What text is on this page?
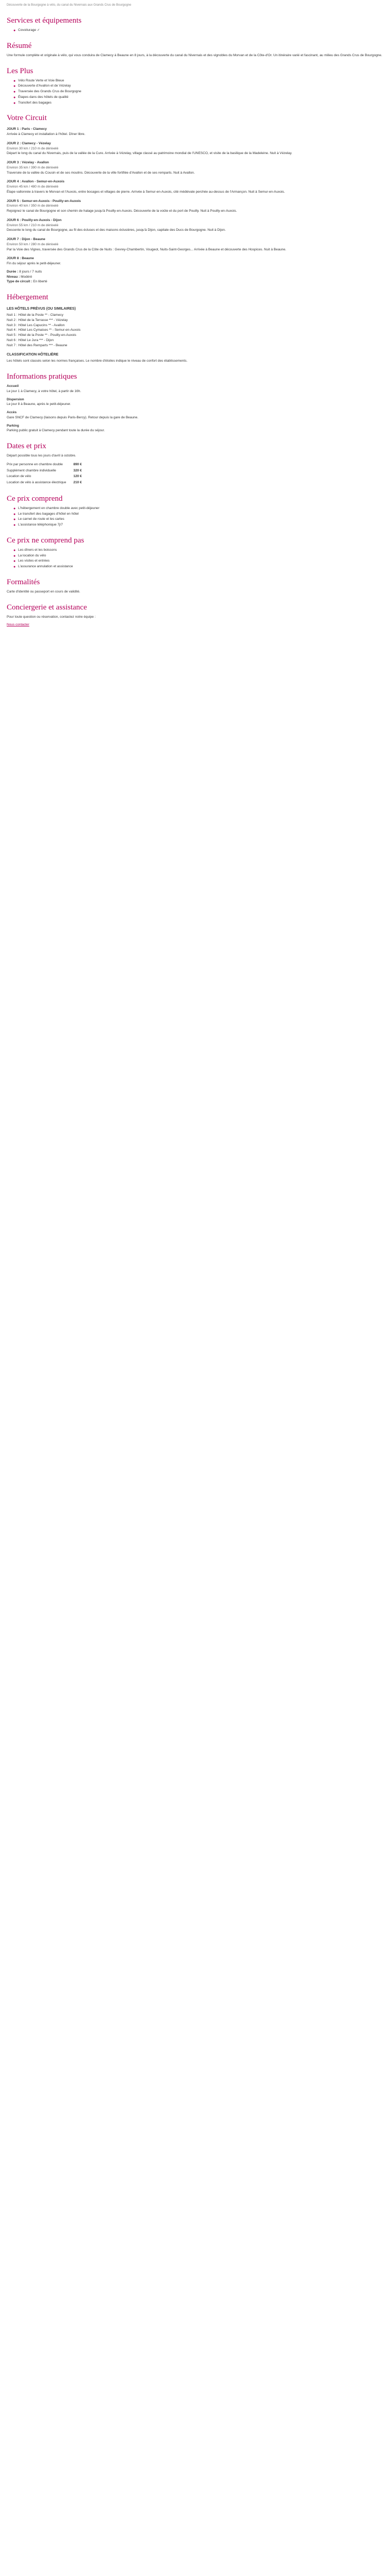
Découverte de la Bourgogne à vélo, du canal du Nivernais aux Grands Crus de Bourgogne
Services et équipements
● Covoiturage ✓
Résumé

Une formule complète et originale à vélo, qui vous conduira de Clamecy à Beaune en 8 jours, à la découverte du canal du Nivernais et des vignobles du Morvan et de la Côte-d'Or. Un itinéraire varié et fascinant, au milieu des Grands Crus de Bourgogne.

Les Plus
● Vélo Route Verte et Voie Bleue
● Découverte d'Avallon et de Vézelay
● Traversée des Grands Crus de Bourgogne
● Étapes dans des hôtels de qualité
● Transfert des bagages
Votre Circuit
JOUR 1 : Paris - Clamecy

Arrivée à Clamecy et installation à l'hôtel. Dîner libre.

JOUR 2 : Clamecy - Vézelay
Environ 30 km / 210 m de dénivelé

Départ le long du canal du Nivernais, puis de la vallée de la Cure. Arrivée à Vézelay, village classé au patrimoine mondial de l'UNESCO, et visite de la basilique de la Madeleine. Nuit à Vézelay.

JOUR 3 : Vézelay - Avallon
Environ 35 km / 390 m de dénivelé

Traversée de la vallée du Cousin et de ses moulins. Découverte de la ville fortifiée d'Avallon et de ses remparts. Nuit à Avallon.

JOUR 4 : Avallon - Semur-en-Auxois
Environ 45 km / 480 m de dénivelé

Étape vallonnée à travers le Morvan et l'Auxois, entre bocages et villages de pierre. Arrivée à Semur-en-Auxois, cité médiévale perchée au-dessus de l'Armançon. Nuit à Semur-en-Auxois.

JOUR 5 : Semur-en-Auxois - Pouilly-en-Auxois
Environ 40 km / 350 m de dénivelé

Rejoignez le canal de Bourgogne et son chemin de halage jusqu'à Pouilly-en-Auxois. Découverte de la voûte et du port de Pouilly. Nuit à Pouilly-en-Auxois.

JOUR 6 : Pouilly-en-Auxois - Dijon
Environ 55 km / 210 m de dénivelé

Descente le long du canal de Bourgogne, au fil des écluses et des maisons éclusières, jusqu'à Dijon, capitale des Ducs de Bourgogne. Nuit à Dijon.

JOUR 7 : Dijon - Beaune
Environ 50 km / 280 m de dénivelé

Par la Voie des Vignes, traversée des Grands Crus de la Côte de Nuits : Gevrey-Chambertin, Vougeot, Nuits-Saint-Georges... Arrivée à Beaune et découverte des Hospices. Nuit à Beaune.

JOUR 8 : Beaune

Fin du séjour après le petit-déjeuner.

Durée : 8 jours / 7 nuits
Niveau : Modéré
Type de circuit : En liberté
Hébergement
LES HÔTELS PRÉVUS (OU SIMILAIRES)
Nuit 1 : Hôtel de la Poste ** - Clamecy
Nuit 2 : Hôtel de la Terrasse *** - Vézelay
Nuit 3 : Hôtel Les Capucins ** - Avallon
Nuit 4 : Hôtel Les Cymaises ** - Semur-en-Auxois
Nuit 5 : Hôtel de la Poste ** - Pouilly-en-Auxois
Nuit 6 : Hôtel Le Jura *** - Dijon
Nuit 7 : Hôtel des Remparts *** - Beaune
CLASSIFICATION HÔTELIÈRE

Les hôtels sont classés selon les normes françaises. Le nombre d'étoiles indique le niveau de confort des établissements.

Informations pratiques
Accueil
Le jour 1 à Clamecy, à votre hôtel, à partir de 16h.
Dispersion
Le jour 8 à Beaune, après le petit-déjeuner.
Accès
Gare SNCF de Clamecy (liaisons depuis Paris-Bercy). Retour depuis la gare de Beaune.
Parking
Parking public gratuit à Clamecy pendant toute la durée du séjour.
Dates et prix

Départ possible tous les jours d'avril à octobre.

Prix par personne en chambre double	890 €
Supplément chambre individuelle	320 €
Location de vélo	120 €
Location de vélo à assistance électrique	210 €
Ce prix comprend
● L'hébergement en chambre double avec petit-déjeuner
● Le transfert des bagages d'hôtel en hôtel
● Le carnet de route et les cartes
● L'assistance téléphonique 7j/7
Ce prix ne comprend pas
● Les dîners et les boissons
● La location du vélo
● Les visites et entrées
● L'assurance annulation et assistance
Formalités

Carte d'identité ou passeport en cours de validité.

Conciergerie et assistance

Pour toute question ou réservation, contactez notre équipe :

Nous contacter
